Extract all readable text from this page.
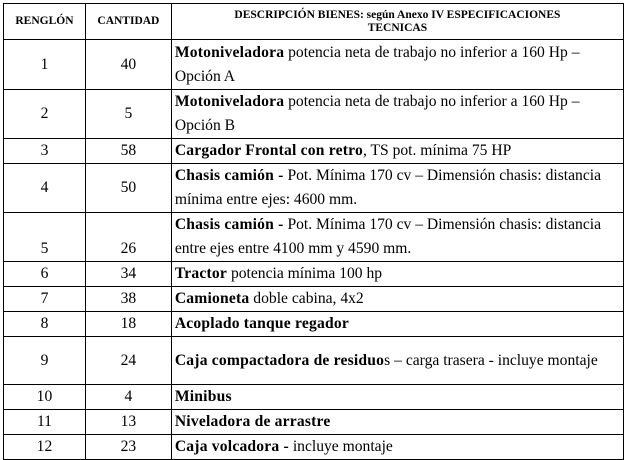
RENGLÓN	CANTIDAD	DESCRIPCIÓN BIENES: según Anexo IV ESPECIFICACIONES TECNICAS
1	40	Motoniveladora potencia neta de trabajo no inferior a 160 Hp – Opción A
2	5	Motoniveladora potencia neta de trabajo no inferior a 160 Hp – Opción B
3	58	Cargador Frontal con retro, TS pot. mínima 75 HP
4	50	Chasis camión - Pot. Mínima 170 cv – Dimensión chasis: distancia mínima entre ejes: 4600 mm.
5	26	Chasis camión - Pot. Mínima 170 cv – Dimensión chasis: distancia entre ejes entre 4100 mm y 4590 mm.
6	34	Tractor potencia mínima 100 hp
7	38	Camioneta doble cabina, 4x2
8	18	Acoplado tanque regador
9	24	Caja compactadora de residuos – carga trasera - incluye montaje
10	4	Minibus
11	13	Niveladora de arrastre
12	23	Caja volcadora - incluye montaje
